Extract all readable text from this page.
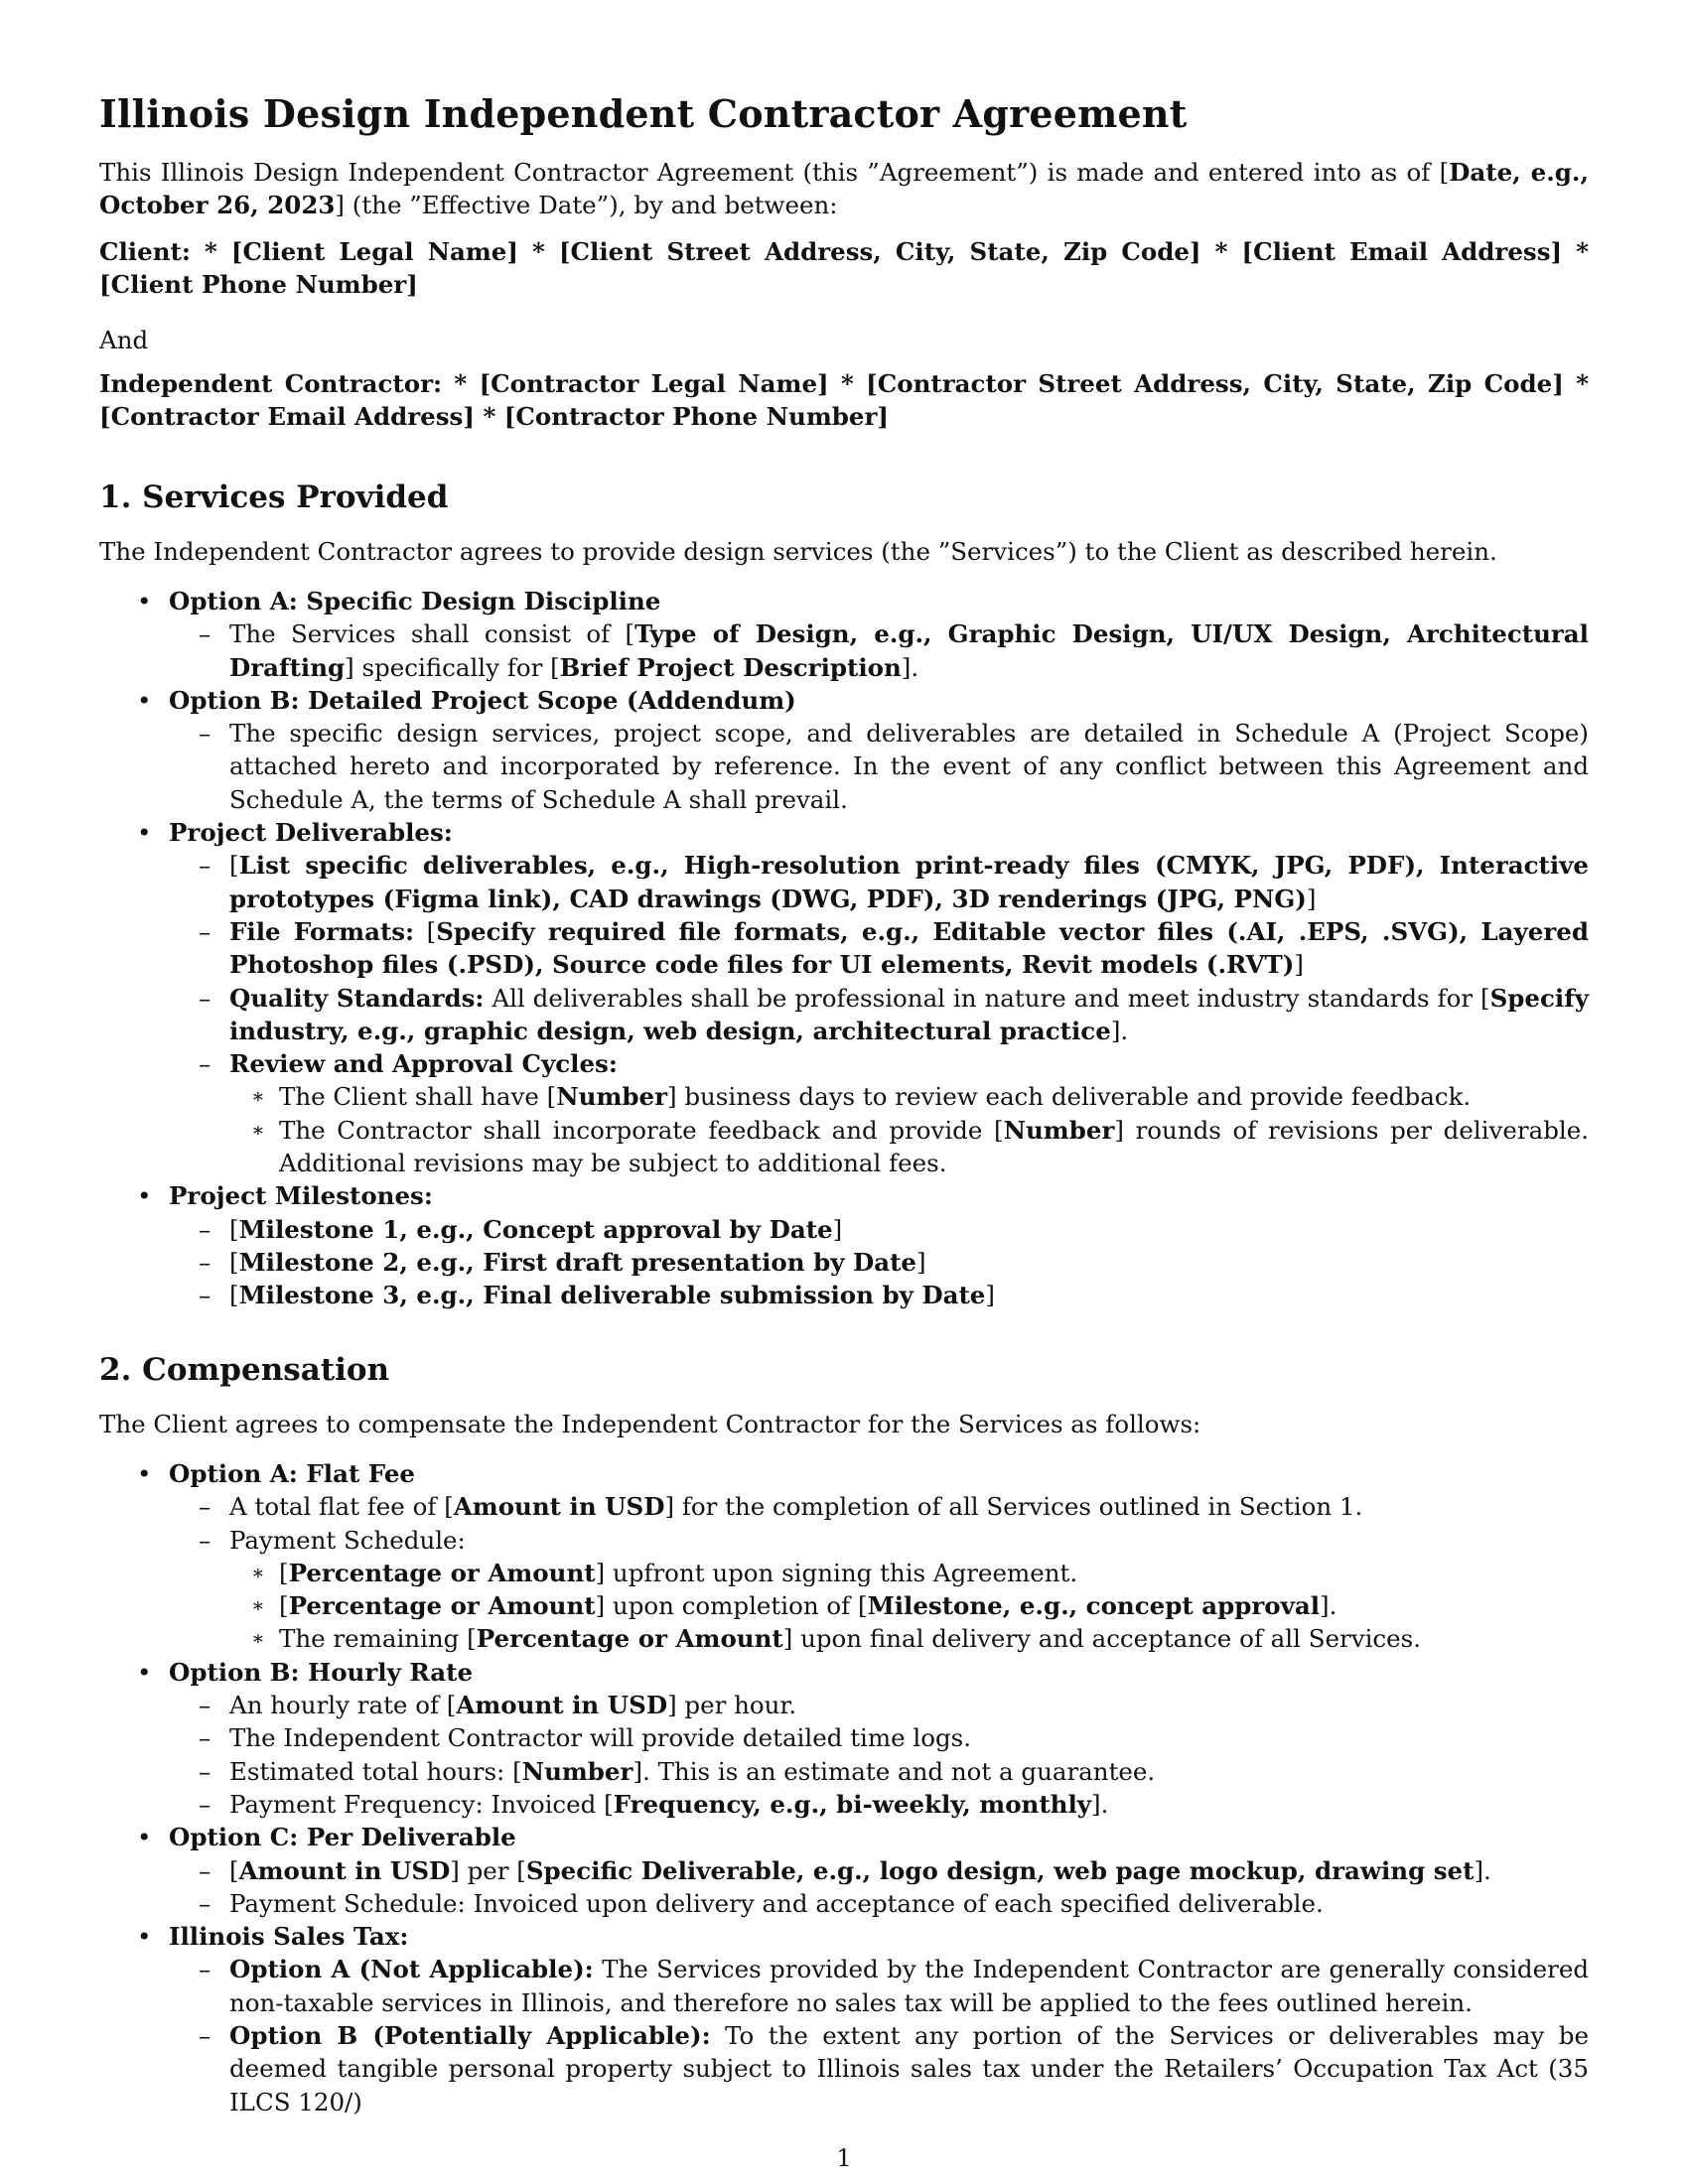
Illinois Design Independent Contractor Agreement
This Illinois Design Independent Contractor Agreement (this ”Agreement”) is made and entered into as of [Date, e.g., October 26, 2023] (the ”Effective Date”), by and between:
Client: * [Client Legal Name] * [Client Street Address, City, State, Zip Code] * [Client Email Address] * [Client Phone Number]
And
Independent Contractor: * [Contractor Legal Name] * [Contractor Street Address, City, State, Zip Code] * [Contractor Email Address] * [Contractor Phone Number]
1. Services Provided
The Independent Contractor agrees to provide design services (the ”Services”) to the Client as described herein.
• Option A: Specific Design Discipline
– The Services shall consist of [Type of Design, e.g., Graphic Design, UI/UX Design, Architectural Drafting] specifically for [Brief Project Description].
• Option B: Detailed Project Scope (Addendum)
– The specific design services, project scope, and deliverables are detailed in Schedule A (Project Scope) attached hereto and incorporated by reference. In the event of any conflict between this Agreement and Schedule A, the terms of Schedule A shall prevail.
• Project Deliverables:
– [List specific deliverables, e.g., High-resolution print-ready files (CMYK, JPG, PDF), Interactive prototypes (Figma link), CAD drawings (DWG, PDF), 3D renderings (JPG, PNG)]
– File Formats: [Specify required file formats, e.g., Editable vector files (.AI, .EPS, .SVG), Layered Photoshop files (.PSD), Source code files for UI elements, Revit models (.RVT)]
– Quality Standards: All deliverables shall be professional in nature and meet industry standards for [Specify industry, e.g., graphic design, web design, architectural practice].
– Review and Approval Cycles:
∗ The Client shall have [Number] business days to review each deliverable and provide feedback.
∗ The Contractor shall incorporate feedback and provide [Number] rounds of revisions per deliverable. Additional revisions may be subject to additional fees.
• Project Milestones:
– [Milestone 1, e.g., Concept approval by Date]
– [Milestone 2, e.g., First draft presentation by Date]
– [Milestone 3, e.g., Final deliverable submission by Date]
2. Compensation
The Client agrees to compensate the Independent Contractor for the Services as follows:
• Option A: Flat Fee
– A total flat fee of [Amount in USD] for the completion of all Services outlined in Section 1.
– Payment Schedule:
∗ [Percentage or Amount] upfront upon signing this Agreement.
∗ [Percentage or Amount] upon completion of [Milestone, e.g., concept approval].
∗ The remaining [Percentage or Amount] upon final delivery and acceptance of all Services.
• Option B: Hourly Rate
– An hourly rate of [Amount in USD] per hour.
– The Independent Contractor will provide detailed time logs.
– Estimated total hours: [Number]. This is an estimate and not a guarantee.
– Payment Frequency: Invoiced [Frequency, e.g., bi-weekly, monthly].
• Option C: Per Deliverable
– [Amount in USD] per [Specific Deliverable, e.g., logo design, web page mockup, drawing set].
– Payment Schedule: Invoiced upon delivery and acceptance of each specified deliverable.
• Illinois Sales Tax:
– Option A (Not Applicable): The Services provided by the Independent Contractor are generally considered non-taxable services in Illinois, and therefore no sales tax will be applied to the fees outlined herein.
– Option B (Potentially Applicable): To the extent any portion of the Services or deliverables may be deemed tangible personal property subject to Illinois sales tax under the Retailers’ Occupation Tax Act (35 ILCS 120/)
1
